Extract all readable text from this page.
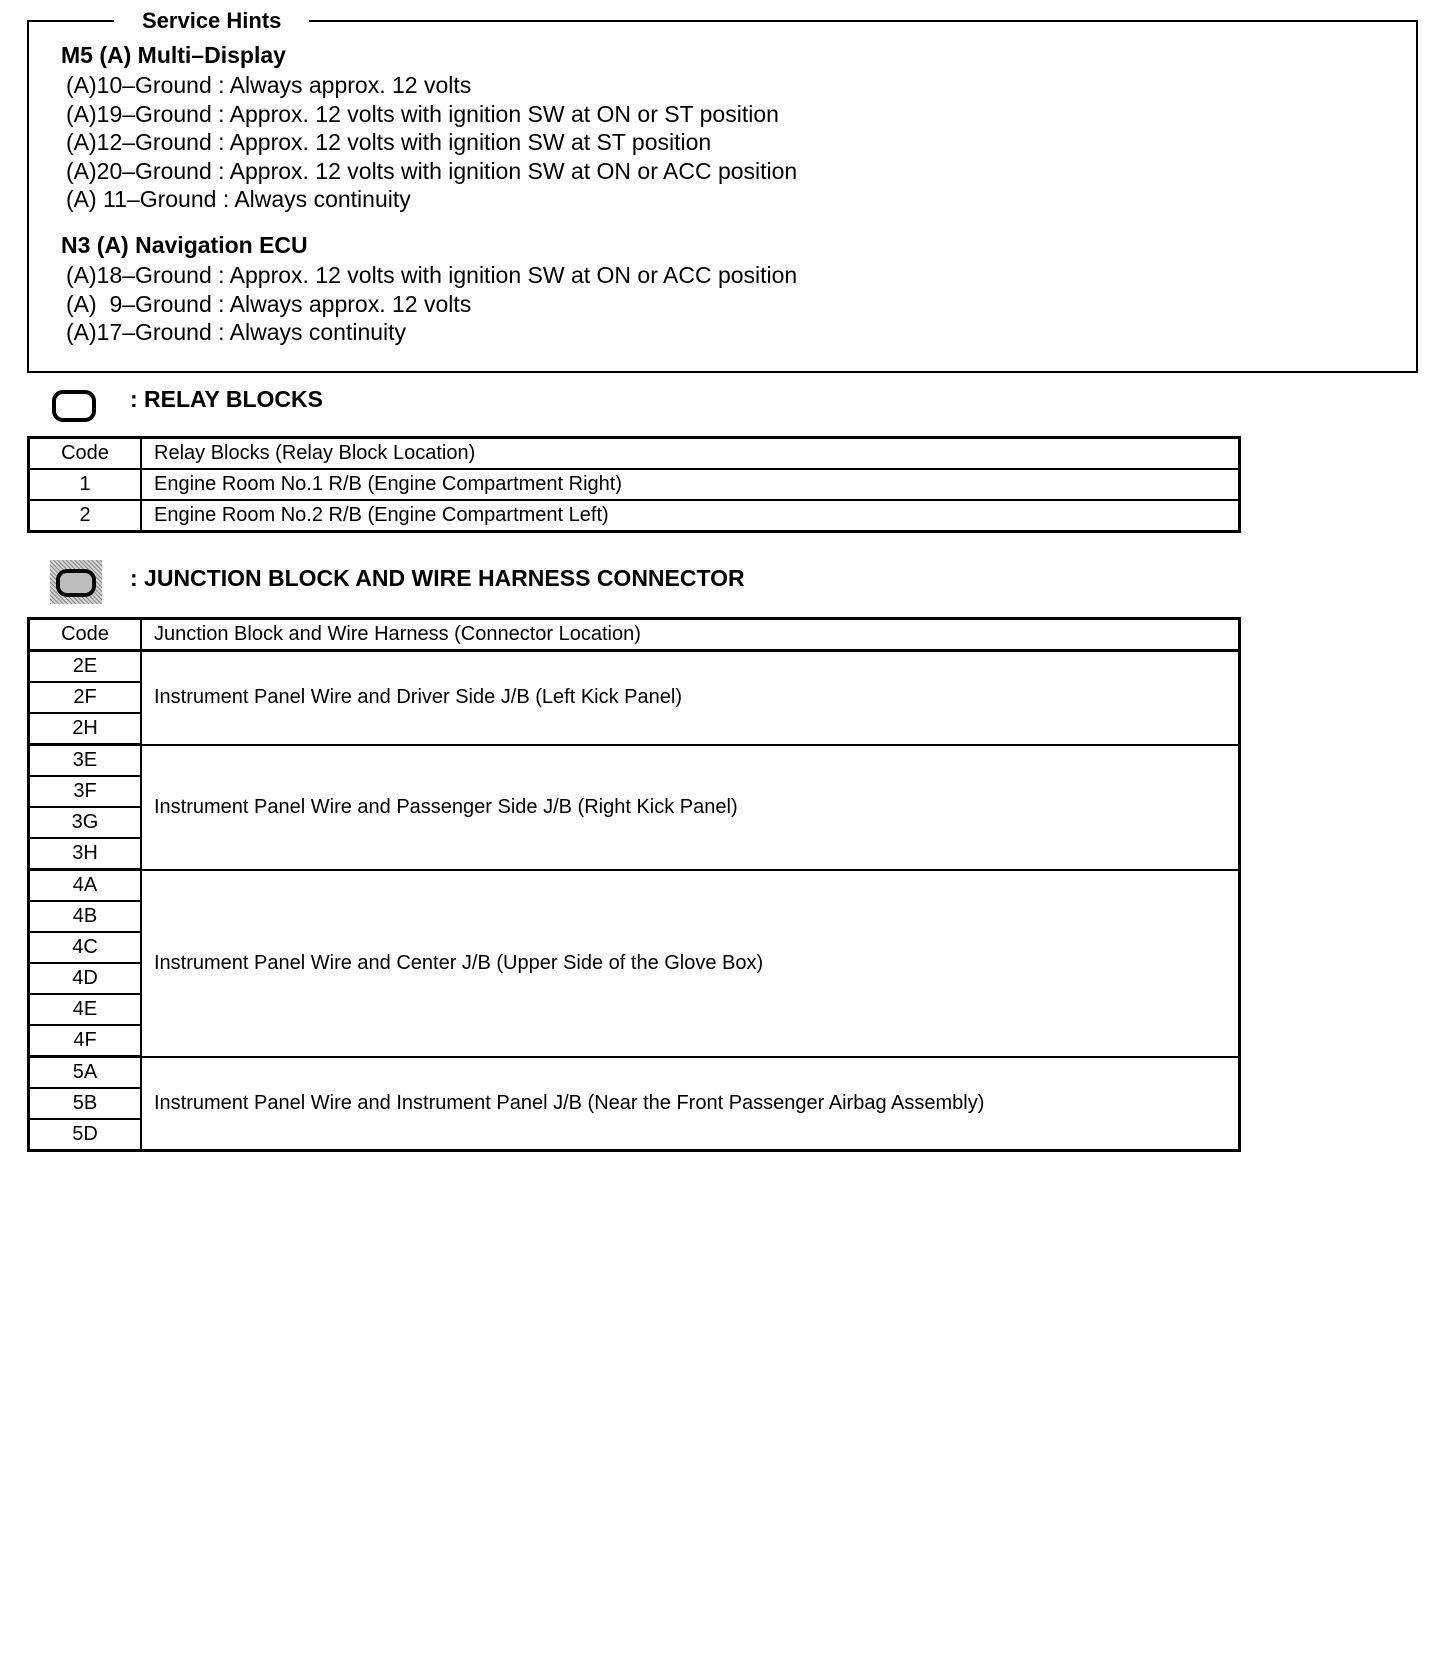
Service Hints
M5 (A) Multi–Display
(A)10–Ground : Always approx. 12 volts
(A)19–Ground : Approx. 12 volts with ignition SW at ON or ST position
(A)12–Ground : Approx. 12 volts with ignition SW at ST position
(A)20–Ground : Approx. 12 volts with ignition SW at ON or ACC position
(A) 11–Ground : Always continuity
N3 (A) Navigation ECU
(A)18–Ground : Approx. 12 volts with ignition SW at ON or ACC position
(A)  9–Ground : Always approx. 12 volts
(A)17–Ground : Always continuity
: RELAY BLOCKS
Code	Relay Blocks (Relay Block Location)
1	Engine Room No.1 R/B (Engine Compartment Right)
2	Engine Room No.2 R/B (Engine Compartment Left)
: JUNCTION BLOCK AND WIRE HARNESS CONNECTOR
Code	Junction Block and Wire Harness (Connector Location)
2E	Instrument Panel Wire and Driver Side J/B (Left Kick Panel)
2F	
2H	
3E	Instrument Panel Wire and Passenger Side J/B (Right Kick Panel)
3F	
3G	
3H	
4A	Instrument Panel Wire and Center J/B (Upper Side of the Glove Box)
4B	
4C	
4D	
4E	
4F	
5A	Instrument Panel Wire and Instrument Panel J/B (Near the Front Passenger Airbag Assembly)
5B	
5D	
